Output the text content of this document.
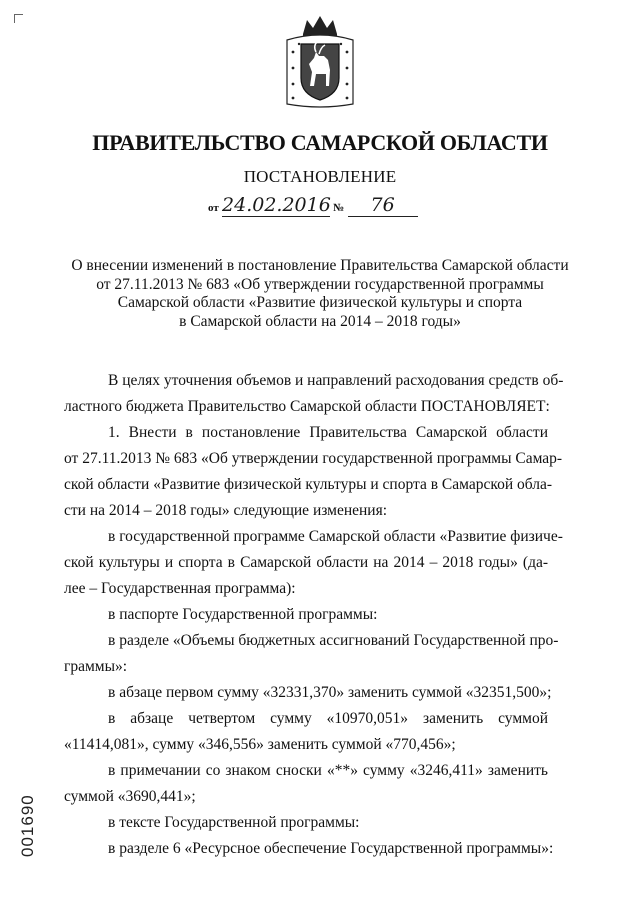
ПРАВИТЕЛЬСТВО САМАРСКОЙ ОБЛАСТИ
ПОСТАНОВЛЕНИЕ
от 24.02.2016 № 76
О внесении изменений в постановление Правительства Самарской области
от 27.11.2013 № 683 «Об утверждении государственной программы
Самарской области «Развитие физической культуры и спорта
в Самарской области на 2014 – 2018 годы»
В целях уточнения объемов и направлений расходования средств об-
ластного бюджета Правительство Самарской области ПОСТАНОВЛЯЕТ:
1. Внести в постановление Правительства Самарской области
от 27.11.2013 № 683 «Об утверждении государственной программы Самар-
ской области «Развитие физической культуры и спорта в Самарской обла-
сти на 2014 – 2018 годы» следующие изменения:
в государственной программе Самарской области «Развитие физиче-
ской культуры и спорта в Самарской области на 2014 – 2018 годы» (да-
лее – Государственная программа):
в паспорте Государственной программы:
в разделе «Объемы бюджетных ассигнований Государственной про-
граммы»:
в абзаце первом сумму «32331,370» заменить суммой «32351,500»;
в абзаце четвертом сумму «10970,051» заменить суммой
«11414,081», сумму «346,556» заменить суммой «770,456»;
в примечании со знаком сноски «**» сумму «3246,411» заменить
суммой «3690,441»;
в тексте Государственной программы:
в разделе 6 «Ресурсное обеспечение Государственной программы»:
001690
